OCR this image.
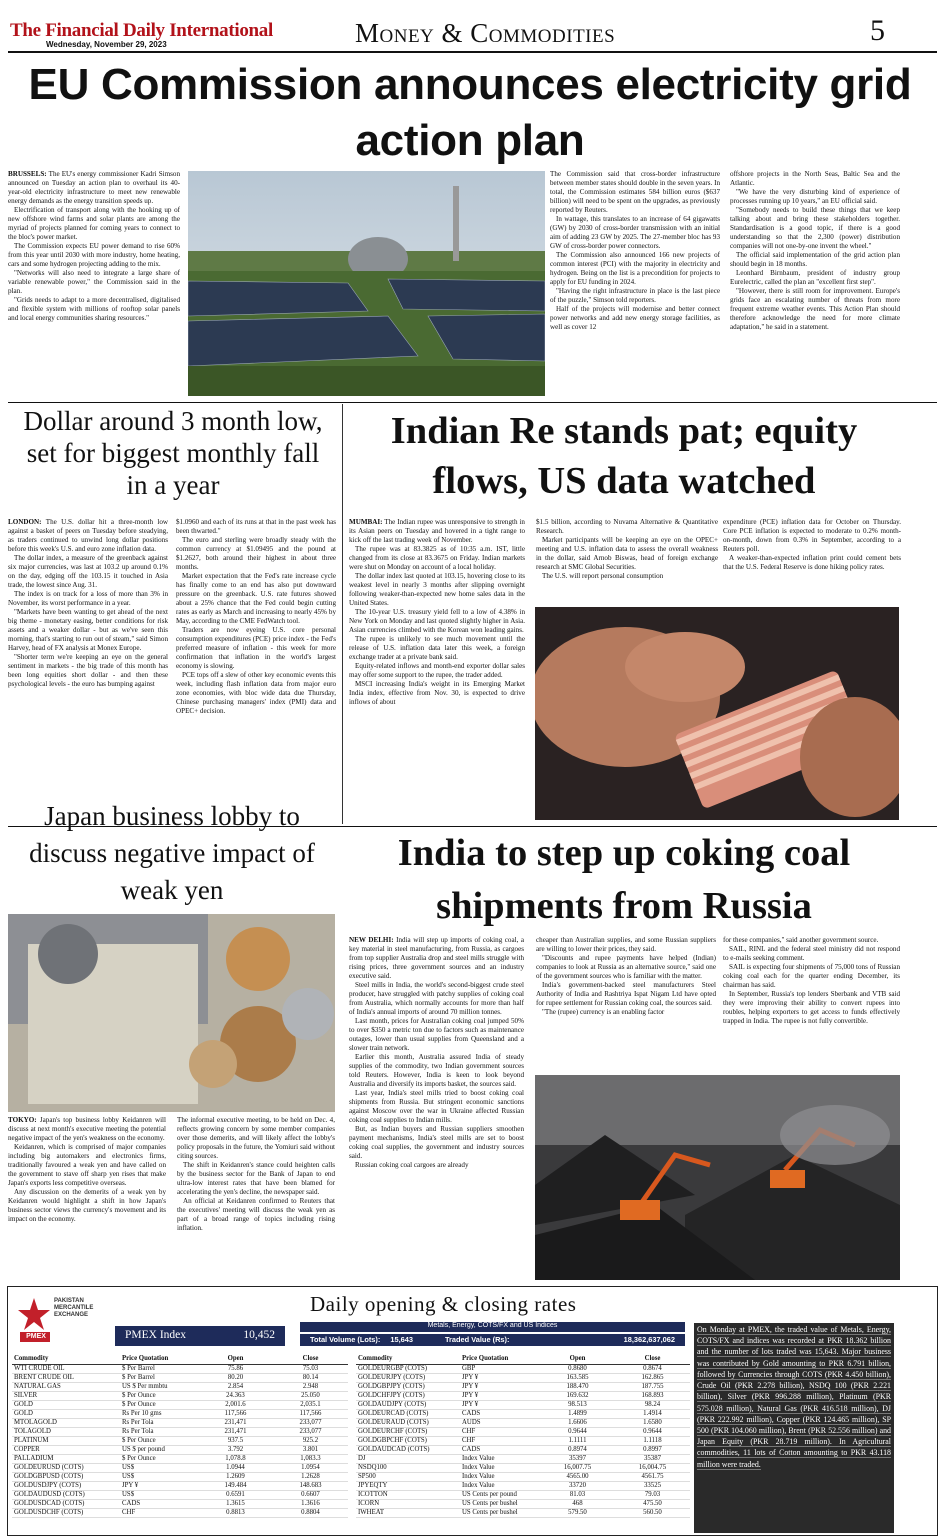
The Financial Daily International
Wednesday, November 29, 2023	Money & Commodities	5
EU Commission announces electricity grid action plan

BRUSSELS: The EU's energy commissioner Kadri Simson announced on Tuesday an action plan to overhaul its 40-year-old electricity infrastructure to meet new renewable energy demands as the energy transition speeds up.

Electrification of transport along with the hooking up of new offshore wind farms and solar plants are among the myriad of projects planned for coming years to connect to the bloc's power market.

The Commission expects EU power demand to rise 60% from this year until 2030 with more industry, home heating, cars and some hydrogen projecting adding to the mix.

"Networks will also need to integrate a large share of variable renewable power," the Commission said in the plan.

"Grids needs to adapt to a more decentralised, digitalised and flexible system with millions of rooftop solar panels and local energy communities sharing resources."

The Commission said that cross-border infrastructure between member states should double in the seven years. In total, the Commission estimates 584 billion euros ($637 billion) will need to be spent on the upgrades, as previously reported by Reuters.

In wattage, this translates to an increase of 64 gigawatts (GW) by 2030 of cross-border transmission with an initial aim of adding 23 GW by 2025. The 27-member bloc has 93 GW of cross-border power connectors.

The Commission also announced 166 new projects of common interest (PCI) with the majority in electricity and hydrogen. Being on the list is a precondition for projects to apply for EU funding in 2024.

"Having the right infrastructure in place is the last piece of the puzzle," Simson told reporters.

Half of the projects will modernise and better connect power networks and add new energy storage facilities, as well as cover 12

offshore projects in the North Seas, Baltic Sea and the Atlantic.

"We have the very disturbing kind of experience of processes running up 10 years," an EU official said.

"Somebody needs to build these things that we keep talking about and bring these stakeholders together. Standardisation is a good topic, if there is a good understanding so that the 2,300 (power) distribution companies will not one-by-one invent the wheel."

The official said implementation of the grid action plan should begin in 18 months.

Leonhard Birnbaum, president of industry group Eurelectric, called the plan an "excellent first step".

"However, there is still room for improvement. Europe's grids face an escalating number of threats from more frequent extreme weather events. This Action Plan should therefore acknowledge the need for more climate adaptation," he said in a statement.

Dollar around 3 month low, set for biggest monthly fall in a year

LONDON: The U.S. dollar hit a three-month low against a basket of peers on Tuesday before steadying, as traders continued to unwind long dollar positions before this week's U.S. and euro zone inflation data.

The dollar index, a measure of the greenback against six major currencies, was last at 103.2 up around 0.1% on the day, edging off the 103.15 it touched in Asia trade, the lowest since Aug. 31.

The index is on track for a loss of more than 3% in November, its worst performance in a year.

"Markets have been wanting to get ahead of the next big theme - monetary easing, better conditions for risk assets and a weaker dollar - but as we've seen this morning, that's starting to run out of steam," said Simon Harvey, head of FX analysis at Monex Europe.

"Shorter term we're keeping an eye on the general sentiment in markets - the big trade of this month has been long equities short dollar - and then these psychological levels - the euro has bumping against

$1.0960 and each of its runs at that in the past week has been thwarted."

The euro and sterling were broadly steady with the common currency at $1.09495 and the pound at $1.2627, both around their highest in about three months.

Market expectation that the Fed's rate increase cycle has finally come to an end has also put downward pressure on the greenback. U.S. rate futures showed about a 25% chance that the Fed could begin cutting rates as early as March and increasing to nearly 45% by May, according to the CME FedWatch tool.

Traders are now eyeing U.S. core personal consumption expenditures (PCE) price index - the Fed's preferred measure of inflation - this week for more confirmation that inflation in the world's largest economy is slowing.

PCE tops off a slew of other key economic events this week, including flash inflation data from major euro zone economies, with bloc wide data due Thursday, Chinese purchasing managers' index (PMI) data and OPEC+ decision.

Indian Re stands pat; equity flows, US data watched

MUMBAI: The Indian rupee was unresponsive to strength in its Asian peers on Tuesday and hovered in a tight range to kick off the last trading week of November.

The rupee was at 83.3825 as of 10:35 a.m. IST, little changed from its close at 83.3675 on Friday. Indian markets were shut on Monday on account of a local holiday.

The dollar index last quoted at 103.15, hovering close to its weakest level in nearly 3 months after slipping overnight following weaker-than-expected new home sales data in the United States.

The 10-year U.S. treasury yield fell to a low of 4.38% in New York on Monday and last quoted slightly higher in Asia. Asian currencies climbed with the Korean won leading gains.

The rupee is unlikely to see much movement until the release of U.S. inflation data later this week, a foreign exchange trader at a private bank said.

Equity-related inflows and month-end exporter dollar sales may offer some support to the rupee, the trader added.

MSCI increasing India's weight in its Emerging Market India index, effective from Nov. 30, is expected to drive inflows of about

$1.5 billion, according to Nuvama Alternative & Quantitative Research.

Market participants will be keeping an eye on the OPEC+ meeting and U.S. inflation data to assess the overall weakness in the dollar, said Arnob Biswas, head of foreign exchange research at SMC Global Securities.

The U.S. will report personal consumption

expenditure (PCE) inflation data for October on Thursday. Core PCE inflation is expected to moderate to 0.2% month-on-month, down from 0.3% in September, according to a Reuters poll.

A weaker-than-expected inflation print could cement bets that the U.S. Federal Reserve is done hiking policy rates.

Japan business lobby to discuss negative impact of weak yen

TOKYO: Japan's top business lobby Keidanren will discuss at next month's executive meeting the potential negative impact of the yen's weakness on the economy.

Keidanren, which is comprised of major companies including big automakers and electronics firms, traditionally favoured a weak yen and have called on the government to stave off sharp yen rises that make Japan's exports less competitive overseas.

Any discussion on the demerits of a weak yen by Keidanren would highlight a shift in how Japan's business sector views the currency's movement and its impact on the economy.

The informal executive meeting, to be held on Dec. 4, reflects growing concern by some member companies over those demerits, and will likely affect the lobby's policy proposals in the future, the Yomiuri said without citing sources.

The shift in Keidanren's stance could heighten calls by the business sector for the Bank of Japan to end ultra-low interest rates that have been blamed for accelerating the yen's decline, the newspaper said.

An official at Keidanren confirmed to Reuters that the executives' meeting will discuss the weak yen as part of a broad range of topics including rising inflation.

India to step up coking coal shipments from Russia

NEW DELHI: India will step up imports of coking coal, a key material in steel manufacturing, from Russia, as cargoes from top supplier Australia drop and steel mills struggle with rising prices, three government sources and an industry executive said.

Steel mills in India, the world's second-biggest crude steel producer, have struggled with patchy supplies of coking coal from Australia, which normally accounts for more than half of India's annual imports of around 70 million tonnes.

Last month, prices for Australian coking coal jumped 50% to over $350 a metric ton due to factors such as maintenance outages, lower than usual supplies from Queensland and a slower train network.

Earlier this month, Australia assured India of steady supplies of the commodity, two Indian government sources told Reuters. However, India is keen to look beyond Australia and diversify its imports basket, the sources said.

Last year, India's steel mills tried to boost coking coal shipments from Russia. But stringent economic sanctions against Moscow over the war in Ukraine affected Russian coking coal supplies to Indian mills.

But, as Indian buyers and Russian suppliers smoothen payment mechanisms, India's steel mills are set to boost coking coal supplies, the government and industry sources said.

Russian coking coal cargoes are already

cheaper than Australian supplies, and some Russian suppliers are willing to lower their prices, they said.

"Discounts and rupee payments have helped (Indian) companies to look at Russia as an alternative source," said one of the government sources who is familiar with the matter.

India's government-backed steel manufacturers Steel Authority of India and Rashtriya Ispat Nigam Ltd have opted for rupee settlement for Russian coking coal, the sources said.

"The (rupee) currency is an enabling factor

for these companies," said another government source.

SAIL, RINL and the federal steel ministry did not respond to e-mails seeking comment.

SAIL is expecting four shipments of 75,000 tons of Russian coking coal each for the quarter ending December, its chairman has said.

In September, Russia's top lenders Sberbank and VTB said they were improving their ability to convert rupees into roubles, helping exporters to get access to funds effectively trapped in India. The rupee is not fully convertible.

PMEX
PAKISTAN MERCANTILE EXCHANGE	Daily opening & closing rates
PMEX Index	10,452
Metals, Energy, COTS/FX and US Indices
Total Volume (Lots): 15,643	Traded Value (Rs):	18,362,637,062
Commodity	Price Quotation	Open	Close
WTI CRUDE OIL	$ Per Barrel	75.86	75.03
BRENT CRUDE OIL	$ Per Barrel	80.20	80.14
NATURAL GAS	US $ Per mmbtu	2.854	2.948
SILVER	$ Per Ounce	24.363	25.050
GOLD	$ Per Ounce	2,001.6	2,035.1
GOLD	Rs Per 10 gms	117,566	117,566
MTOLAGOLD	Rs Per Tola	231,471	233,077
TOLAGOLD	Rs Per Tola	231,471	233,077
PLATINUM	$ Per Ounce	937.5	925.2
COPPER	US $ per pound	3.792	3.801
PALLADIUM	$ Per Ounce	1,078.8	1,083.3
GOLDEURUSD (COTS)	US$	1.0944	1.0954
GOLDGBPUSD (COTS)	US$	1.2609	1.2628
GOLDUSDJPY (COTS)	JPY ¥	149.484	148.683
GOLDAUDUSD (COTS)	US$	0.6591	0.6607
GOLDUSDCAD (COTS)	CADS	1.3615	1.3616
GOLDUSDCHF (COTS)	CHF	0.8813	0.8804
Commodity	Price Quotation	Open	Close
GOLDEURGBP (COTS)	GBP	0.8680	0.8674
GOLDEURJPY (COTS)	JPY ¥	163.585	162.865
GOLDGBPJPY (COTS)	JPY ¥	188.470	187.755
GOLDCHFJPY (COTS)	JPY ¥	169.632	168.893
GOLDAUDJPY (COTS)	JPY ¥	98.513	98.24
GOLDEURCAD (COTS)	CADS	1.4899	1.4914
GOLDEURAUD (COTS)	AUDS	1.6606	1.6580
GOLDEURCHF (COTS)	CHF	0.9644	0.9644
GOLDGBPCHF (COTS)	CHF	1.1111	1.1118
GOLDAUDCAD (COTS)	CADS	0.8974	0.8997
DJ	Index Value	35397	35387
NSDQ100	Index Value	16,007.75	16,004.75
SP500	Index Value	4565.00	4561.75
JPYEQTY	Index Value	33720	33525
ICOTTON	US Cents per pound	81.03	79.03
ICORN	US Cents per bushel	468	475.50
IWHEAT	US Cents per bushel	579.50	560.50
On Monday at PMEX, the traded value of Metals, Energy, COTS/FX and indices was recorded at PKR 18.362 billion and the number of lots traded was 15,643. Major business was contributed by Gold amounting to PKR 6.791 billion, followed by Currencies through COTS (PKR 4.450 billion), Crude Oil (PKR 2.278 billion), NSDQ 100 (PKR 2.221 billion), Silver (PKR 996.288 million), Platinum (PKR 575.028 million), Natural Gas (PKR 416.518 million), DJ (PKR 222.992 million), Copper (PKR 124.465 million), SP 500 (PKR 104.060 million), Brent (PKR 52.556 million) and Japan Equity (PKR 28.719 million). In Agricultural commodities, 11 lots of Cotton amounting to PKR 43.118 million were traded.
